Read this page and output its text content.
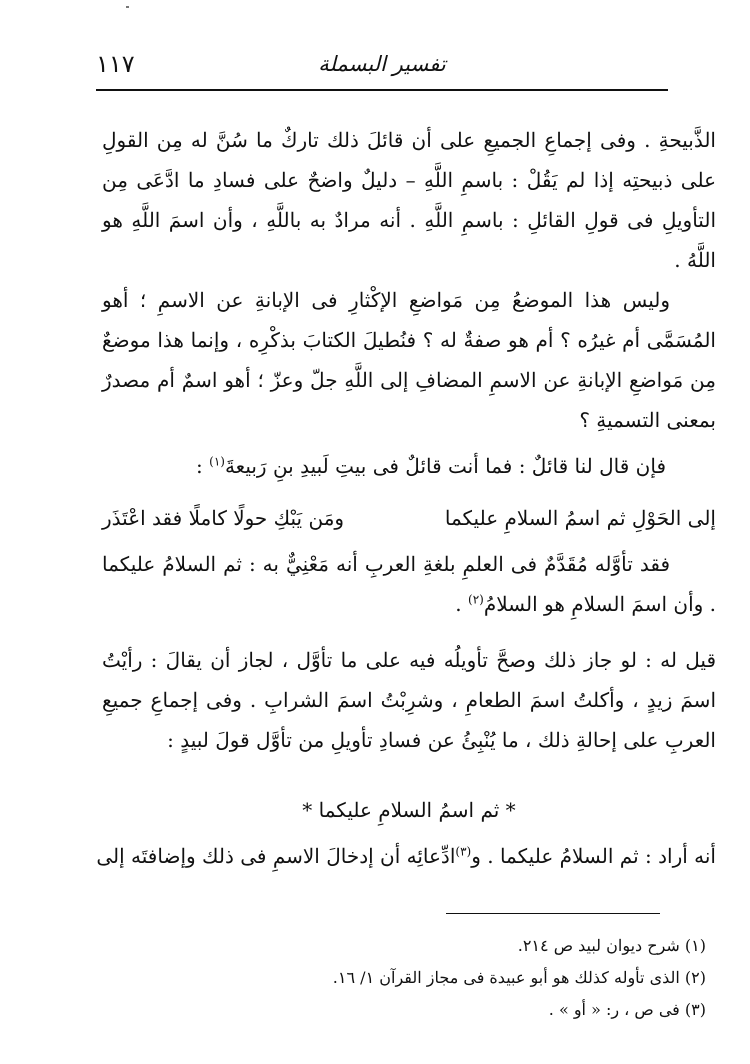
١١٧	تفسير البسملة
الذَّبيحةِ . وفى إجماعِ الجميعِ على أن قائلَ ذلك تاركٌ ما سُنَّ له مِن القولِ على ذبيحتِه إذا لم يَقُلْ : باسمِ اللَّهِ – دليلٌ واضحٌ على فسادِ ما ادَّعَى مِن التأويلِ فى قولِ القائلِ : باسمِ اللَّهِ . أنه مرادٌ به باللَّهِ ، وأن اسمَ اللَّهِ هو اللَّهُ .
وليس هذا الموضعُ مِن مَواضعِ الإكْثارِ فى الإبانةِ عن الاسمِ ؛ أهو المُسَمَّى أم غيرُه ؟ أم هو صفةٌ له ؟ فنُطيلَ الكتابَ بذكْرِه ، وإنما هذا موضعٌ مِن مَواضعِ الإبانةِ عن الاسمِ المضافِ إلى اللَّهِ جلّ وعزّ ؛ أهو اسمٌ أم مصدرٌ بمعنى التسميةِ ؟
فإن قال لنا قائلٌ : فما أنت قائلٌ فى بيتِ لَبيدِ بنِ رَبيعةَ$^{(١)}$ :
إلى الحَوْلِ ثم اسمُ السلامِ عليكما
ومَن يَبْكِ حولًا كاملًا فقد اعْتَذَر
فقد تأوَّله مُقَدَّمٌ فى العلمِ بلغةِ العربِ أنه مَعْنِيٌّ به : ثم السلامُ عليكما . وأن اسمَ السلامِ هو السلامُ$^{(٢)}$ .
قيل له : لو جاز ذلك وصحَّ تأويلُه فيه على ما تأوَّل ، لجاز أن يقالَ : رأيْتُ اسمَ زيدٍ ، وأكلتُ اسمَ الطعامِ ، وشرِبْتُ اسمَ الشرابِ . وفى إجماعِ جميعِ العربِ على إحالةِ ذلك ، ما يُنْبِئُ عن فسادِ تأويلِ من تأوَّل قولَ لبيدٍ :
* ثم اسمُ السلامِ عليكما *
أنه أراد : ثم السلامُ عليكما . و$^{(٣)}$ادِّعائِه أن إدخالَ الاسمِ فى ذلك وإضافتَه إلى
(١) شرح ديوان لبيد ص ٢١٤.
(٢) الذى تأوله كذلك هو أبو عبيدة فى مجاز القرآن ١/ ١٦.
(٣) فى ص ، ر: « أو » .
